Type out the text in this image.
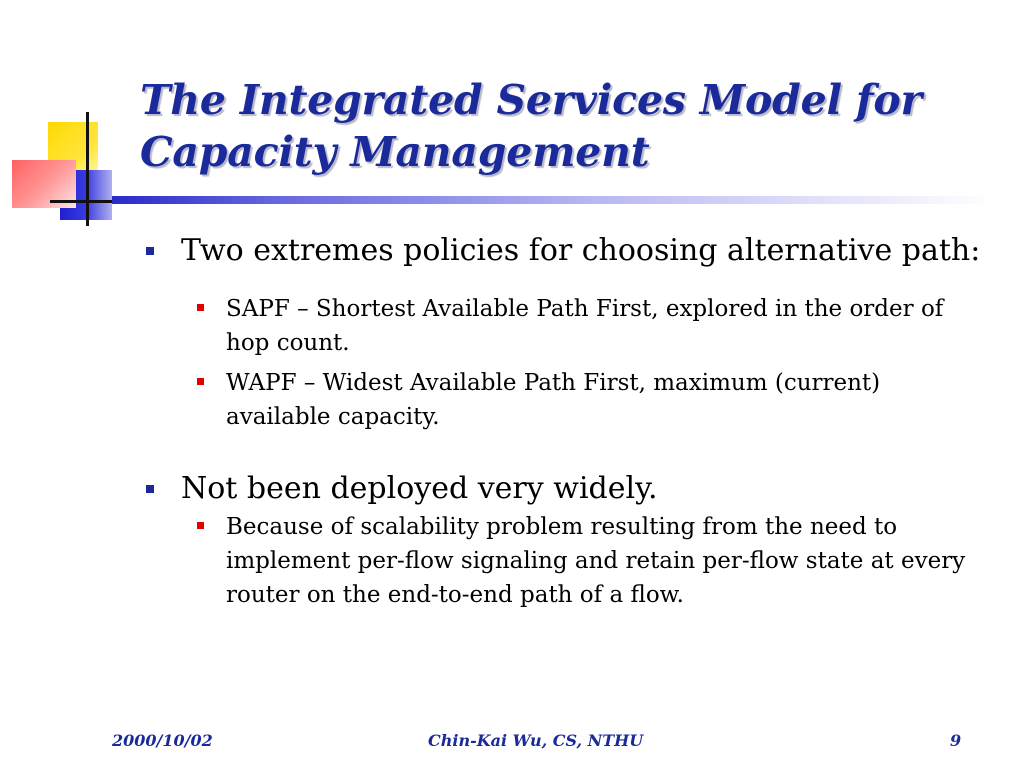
The Integrated Services Model for Capacity Management

Two extremes policies for choosing alternative path:

SAPF – Shortest Available Path First, explored in the order of hop count.

WAPF – Widest Available Path First, maximum (current) available capacity.

Not been deployed very widely.

Because of scalability problem resulting from the need to implement per-flow signaling and retain per-flow state at every router on the end-to-end path of a flow.

2000/10/02	Chin-Kai Wu, CS, NTHU	9
